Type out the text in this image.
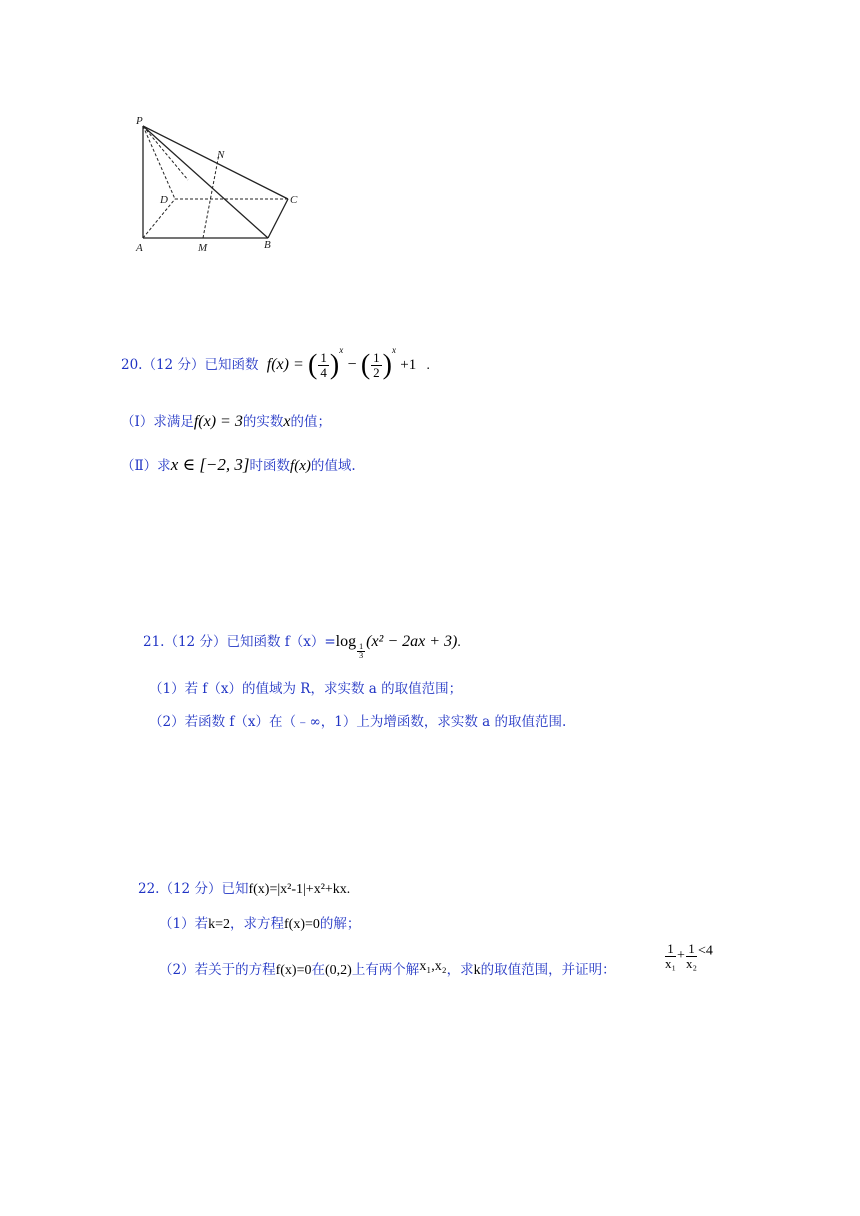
P
N
D	C
A	M	B
20.（12 分）已知函数 f(x) = ( $\frac{1}{4} )^x$ − ( $\frac{1}{2} )^x +1$ .
（Ⅰ）求满足f(x) = 3的实数x的值；
（Ⅱ）求x ∈ [−2, 3]时函数f(x)的值域.
21.（12 分）已知函数 f（x）=log
$\frac{1}{3}$
(x² − 2ax + 3).
（1）若 f（x）的值域为 R，求实数 a 的取值范围；
（2）若函数 f（x）在（﹣∞，1）上为增函数，求实数 a 的取值范围.
22.（12 分）已知f(x)=|x²-1|+x²+kx.
（1）若k=2，求方程f(x)=0的解；
（2）若关于的方程f(x)=0在(0,2)上有两个解x₁,x₂，求k的取值范围，并证明：	$\frac{1}{\text{x₁}} + \frac{1}{\text{x₂}} <4$
